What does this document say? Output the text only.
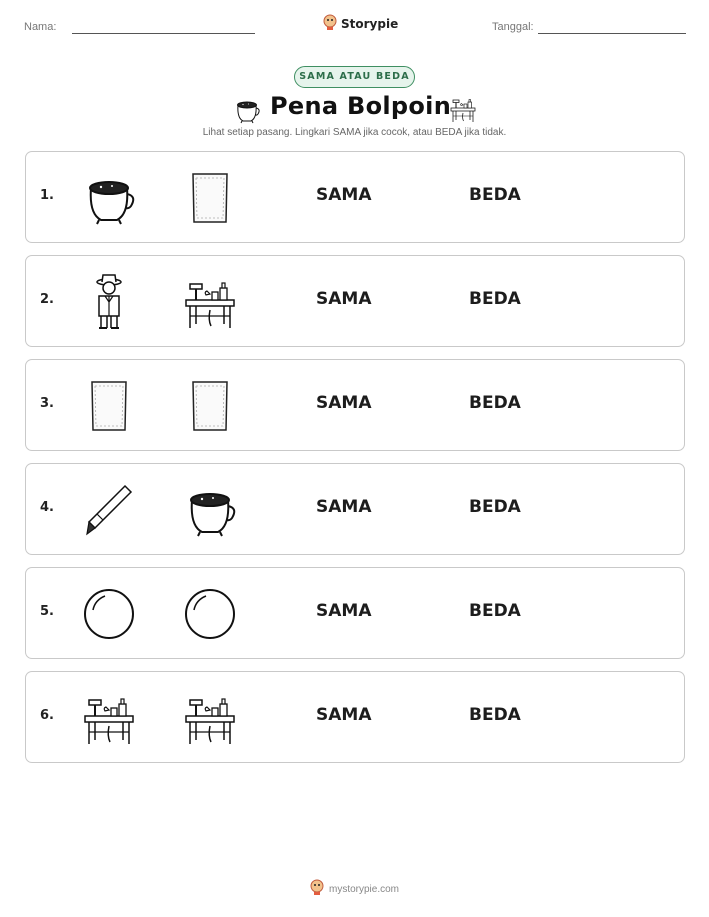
Nama:	Storypie	Tanggal:
SAMA ATAU BEDA
Pena Bolpoin
Lihat setiap pasang. Lingkari SAMA jika cocok, atau BEDA jika tidak.
1.	SAMA	BEDA
2.	SAMA	BEDA
3.	SAMA	BEDA
4.	SAMA	BEDA
5.	SAMA	BEDA
6.	SAMA	BEDA
mystorypie.com
